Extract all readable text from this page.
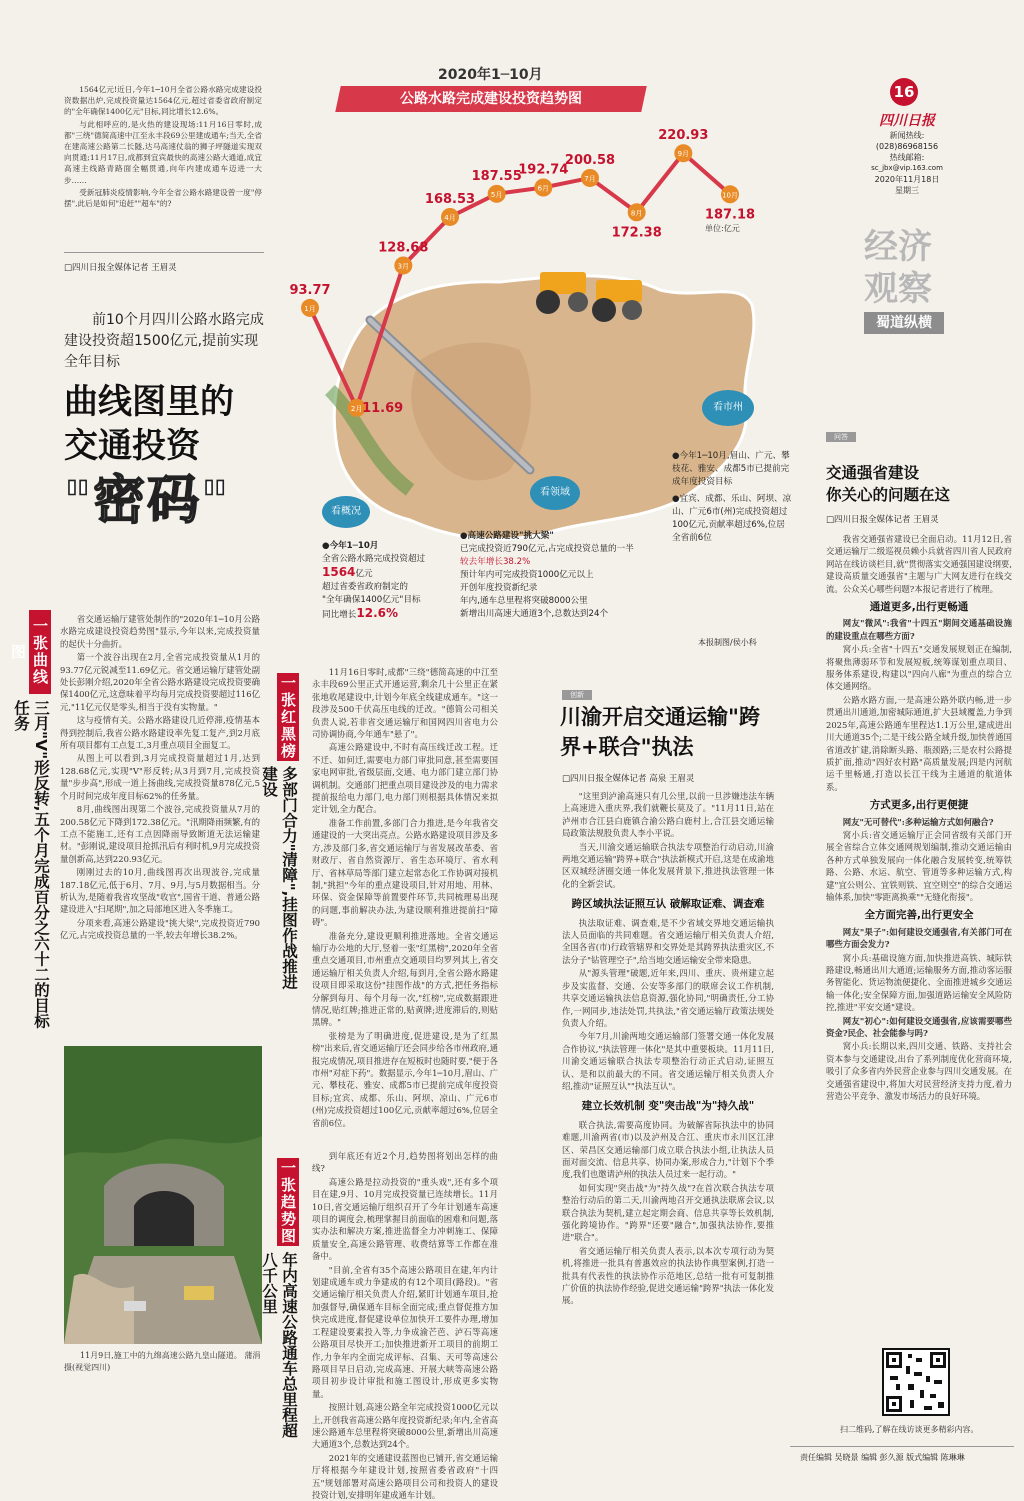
16
四川日报
新闻热线:
(028)86968156
热线邮箱:
sc_jbx@vip.163.com
2020年11月18日
星期三
经济
观察
蜀道纵横

1564亿元!近日,今年1─10月全省公路水路完成建设投资数据出炉,完成投资量达1564亿元,超过省委省政府制定的"全年确保1400亿元"目标,同比增长12.6%。

与此相呼应的,是火热的建设现场:11月16日零时,成都"三绕"德简高速中江至永丰段69公里建成通车;当天,全省在建高速公路第二长隧,达马高速仗翁的狮子坪隧道实现双向贯通;11月17日,成都到宜宾最快的高速公路大通道,成宜高速主线路青路面全幅贯通,向年内建成通车迈进一大步……

受新冠肺炎疫情影响,今年全省公路水路建设曾一度"停摆",此后是如何"追赶""超车"的?

□四川日报全媒体记者 王眉灵
2020年1─10月
公路水路完成建设投资趋势图
单位:亿元
1月
93.77
2月 11.69
3月
128.68
4月
168.53 5月
187.55
6月
192.74
7月
200.58
8月
172.38
9月
220.93
10月
187.18
看概况
看领域
看市州
●今年1─10月
全省公路水路完成投资超过
1564亿元
超过省委省政府制定的
"全年确保1400亿元"目标
同比增长12.6%
●高速公路建设"挑大梁"
已完成投资近790亿元,占完成投资总量的一半
较去年增长38.2%
预计年内可完成投资1000亿元以上
开创年度投资新纪录
年内,通车总里程将突破8000公里
新增出川高速大通道3个,总数达到24个
●今年1─10月,眉山、广元、攀枝花、雅安、成都5市已提前完成年度投资目标
●宜宾、成都、乐山、阿坝、凉山、广元6市(州)完成投资超过100亿元,贡献率超过6%,位居全省前6位
本报制图/侯小科
前10个月四川公路水路完成建设投资超1500亿元,提前实现全年目标
曲线图里的
交通投资
"密码"
一张曲线图
三月"V"形反转,五个月完成百分之六十二的目标任务

省交通运输厅建管处制作的"2020年1─10月公路水路完成建设投资趋势图"显示,今年以来,完成投资量的起伏十分曲折。

第一个波谷出现在2月,全省完成投资量从1月的93.77亿元锐减至11.69亿元。省交通运输厅建管处副处长彭刚介绍,2020年全省公路水路建设完成投资要确保1400亿元,这意味着平均每月完成投资要超过116亿元,"11亿元仅是零头,相当于没有实物量。"

这与疫情有关。公路水路建设几近停滞,疫情基本得到控制后,我省公路水路建设率先复工复产,到2月底所有项目都有工点复工,3月重点项目全面复工。

从图上可以看到,3月完成投资量超过1月,达到128.68亿元,实现"V"形反转;从3月到7月,完成投资量"步步高",形成一道上扬曲线,完成投资量878亿元,5个月时间完成年度目标62%的任务量。

8月,曲线图出现第二个波谷,完成投资量从7月的200.58亿元下降到172.38亿元。"汛期降雨频繁,有的工点不能施工,还有工点因降雨导致断道无法运输建材。"彭刚说,建设项目抢抓汛后有利时机,9月完成投资量创新高,达到220.93亿元。

刚刚过去的10月,曲线图再次出现波谷,完成量187.18亿元,低于6月、7月、9月,与5月数据相当。分析认为,是随着我省攻坚战"收官",国省干道、普通公路建设进入"扫尾期",加之局部地区进入冬季施工。

分项来看,高速公路建设"挑大梁",完成投资近790亿元,占完成投资总量的一半,较去年增长38.2%。

11月9日,施工中的九绵高速公路九皇山隧道。 蒲涓 摄(视觉四川)
一张红黑榜
多部门合力"清障",挂图作战推进建设

11月16日零时,成都"三绕"德简高速的中江至永丰段69公里正式开通运营,剩余几十公里正在紧张地收尾建设中,计划今年底全线建成通车。"这一段涉及500千伏高压电线的迁改。"德简公司相关负责人说,若非省交通运输厅和国网四川省电力公司协调协商,今年通车"悬了"。

高速公路建设中,不时有高压线迁改工程。迁不迁、如何迁,需要电力部门审批同意,甚至需要国家电网审批,省级层面,交通、电力部门建立部门协调机制。交通部门把重点项目建设涉及的电力需求提前报给电力部门,电力部门则根据具体情况来拟定计划,全力配合。

准备工作前置,多部门合力推进,是今年我省交通建设的一大突出亮点。公路水路建设项目涉及多方,涉及部门多,省交通运输厅与省发展改革委、省财政厅、省自然资源厅、省生态环境厅、省水利厅、省林草局等部门建立起常态化工作协调对接机制,"挑担"今年的重点建设项目,针对用地、用林、环保、资金保障等前置要件环节,共同梳理易出现的问题,事前解决办法,为建设顺利推进提前扫"障碍"。

准备充分,建设更顺利推进落地。全省交通运输厅办公地的大厅,竖着一张"红黑榜",2020年全省重点交通项目,市州重点交通项目均罗列其上,省交通运输厅相关负责人介绍,每到月,全省公路水路建设项目即采取这份"挂图作战"的方式,把任务指标分解到每月、每个月每一次,"红榜",完成数据跟进情况,贴红牌;推进正常的,贴黄牌;进度滞后的,则贴黑牌。"

张榜是为了明确进度,促进建设,是为了红黑榜"出来后,省交通运输厅还会同步给各市州政府,通报完成情况,项目推进存在短板时也随时要,"便于各市州"对症下药"。数据显示,今年1─10月,眉山、广元、攀枝花、雅安、成都5市已提前完成年度投资目标;宜宾、成都、乐山、阿坝、凉山、广元6市(州)完成投资超过100亿元,贡献率超过6%,位居全省前6位。

一张趋势图
年内高速公路通车总里程超八千公里

到年底还有近2个月,趋势图将划出怎样的曲线?

高速公路是拉动投资的"重头戏",还有多个项目在建,9月、10月完成投资量已连续增长。11月10日,省交通运输厅组织召开了今年计划通车高速项目的调度会,梳理掌握目前面临的困难和问题,落实办法和解决方案,推进监督全力冲刺施工、保障质量安全,高速公路管理、收费结算等工作都在准备中。

"目前,全省有35个高速公路项目在建,年内计划建成通车或力争建成的有12个项目(路段)。"省交通运输厅相关负责人介绍,紧盯计划通车项目,抢加强督导,确保通车目标全面完成;重点督促推方加快完成进度,督促建设单位加快开工要件办理,增加工程建设要素投入等,力争成渝芒芭、泸石等高速公路项目尽快开工;加快推进新开工项目的前期工作,力争年内全面完成评标、召集、天可等高速公路项目早日启动,完成高速、开展大峡等高速公路项目初步设计审批和施工图设计,形成更多实物量。

按照计划,高速公路全年完成投资1000亿元以上,开创我省高速公路年度投资新纪录;年内,全省高速公路通车总里程将突破8000公里,新增出川高速大通道3个,总数达到24个。

2021年的交通建设蓝图也已铺开,省交通运输厅将根据今年建设计划,按照省委省政府"十四五"规划部署对高速公路项目公司和投资人的建设投资计划,安排明年建成通车计划。

创新
川渝开启交通运输"跨界+联合"执法
□四川日报全媒体记者 高泉 王眉灵

"这里到泸渝高速只有几公里,以前一旦涉嫌违法车辆上高速进入重庆界,我们就鞭长莫及了。"11月11日,站在泸州市合江县白鹿镇合渝公路白鹿村上,合江县交通运输局政策法规股负责人李小平说。

当天,川渝交通运输联合执法专项整治行动启动,川渝两地交通运输"跨界+联合"执法新模式开启,这是在成渝地区双城经济圈交通一体化发展背景下,推进执法管理一体化的全新尝试。

跨区域执法证照互认 破解取证难、调查难

执法取证难、调查难,是不少省域交界地交通运输执法人员面临的共同难题。省交通运输厅相关负责人介绍,全国各省(市)行政管辖界和交界处是其跨界执法重灾区,不法分子"钻管理空子",给当地交通运输安全带来隐患。

从"源头管理"破题,近年来,四川、重庆、贵州建立起步及实监督、交通、公安等多部门的联席会议工作机制,共享交通运输执法信息资源,强化协同,"明确责任,分工协作,一网同步,违法处罚,共执法,"省交通运输厅政策法规处负责人介绍。

今年7月,川渝两地交通运输部门签署交通一体化发展合作协议,"执法管理一体化"是其中重要板块。11月11日,川渝交通运输联合执法专项整治行动正式启动,证照互认、是和以前最大的不同。省交通运输厅相关负责人介绍,推动"证照互认""执法互认"。

建立长效机制 变"突击战"为"持久战"

联合执法,需要高度协同。为破解省际执法中的协同难题,川渝两省(市)以及泸州及合江、重庆市永川区江津区、荣昌区交通运输部门成立联合执法小组,让执法人员面对面交流、信息共享、协同办案,形成合力,"计划下个季度,我们也邀请泸州的执法人员过来一起行动。"

如何实现"突击战"为"持久战"?在首次联合执法专项整治行动后的第二天,川渝两地召开交通执法联席会议,以联合执法为契机,建立起定期会商、信息共享等长效机制,强化跨境协作。"跨界"还要"融合",加强执法协作,要推进"联合"。

省交通运输厅相关负责人表示,以本次专项行动为契机,将推进一批具有普惠效应的执法协作典型案例,打造一批具有代表性的执法协作示范地区,总结一批有可复制推广价值的执法协作经验,促进交通运输"跨界"执法一体化发展。

问答
交通强省建设
你关心的问题在这
□四川日报全媒体记者 王眉灵

我省交通强省建设已全面启动。11月12日,省交通运输厅二级巡视员赖小兵就省四川省人民政府网站在线访谈栏目,就"贯彻落实交通强国建设纲要,建设高质量交通强省"主题与广大网友进行在线交流。公众关心哪些问题?本报记者进行了梳理。

通道更多,出行更畅通

网友"微风":我省"十四五"期间交通基础设施的建设重点在哪些方面?

窝小兵:全省"十四五"交通发展规划正在编制,将聚焦薄弱环节和发展短板,统筹谋划重点项目、服务体系建设,构建以"四向八廊"为重点的综合立体交通网络。

公路水路方面,一是高速公路外联内畅,进一步贯通出川通道,加密城际通道,扩大县域覆盖,力争到2025年,高速公路通车里程达1.1万公里,建成进出川大通道35个;二是干线公路全域升级,加快普通国省道改扩建,消除断头路、瓶颈路;三是农村公路提质扩面,推动"四好农村路"高质量发展;四是内河航运千里畅通,打造以长江干线为主通道的航道体系。

方式更多,出行更便捷

网友"无可替代":多种运输方式如何融合?

窝小兵:省交通运输厅正会同省级有关部门开展全省综合立体交通网规划编制,推动交通运输由各种方式单独发展向一体化融合发展转变,统筹铁路、公路、水运、航空、管道等多种运输方式,构建"宜公则公、宜铁则铁、宜空则空"的综合交通运输体系,加快"零距离换乘""无缝化衔接"。

全方面完善,出行更安全

网友"果子":如何建设交通强省,有关部门可在哪些方面会发力?

窝小兵:基础设施方面,加快推进高铁、城际铁路建设,畅通出川大通道;运输服务方面,推动客运服务智能化、货运物流便捷化、全面推进城乡交通运输一体化;安全保障方面,加强道路运输安全风险防控,推进"平安交通"建设。

网友"初心":如何建设交通强省,应该需要哪些资金?民企、社会能参与吗?

窝小兵:长期以来,四川交通、铁路、支持社会资本参与交通建设,出台了系列制度优化营商环境,吸引了众多省内外民营企业参与四川交通发展。在交通强省建设中,将加大对民营经济支持力度,着力营造公平竞争、激发市场活力的良好环境。

扫二维码,了解在线访谈更多精彩内容。
责任编辑 吴晓景 编辑 彭久源 版式编辑 陈琳琳
